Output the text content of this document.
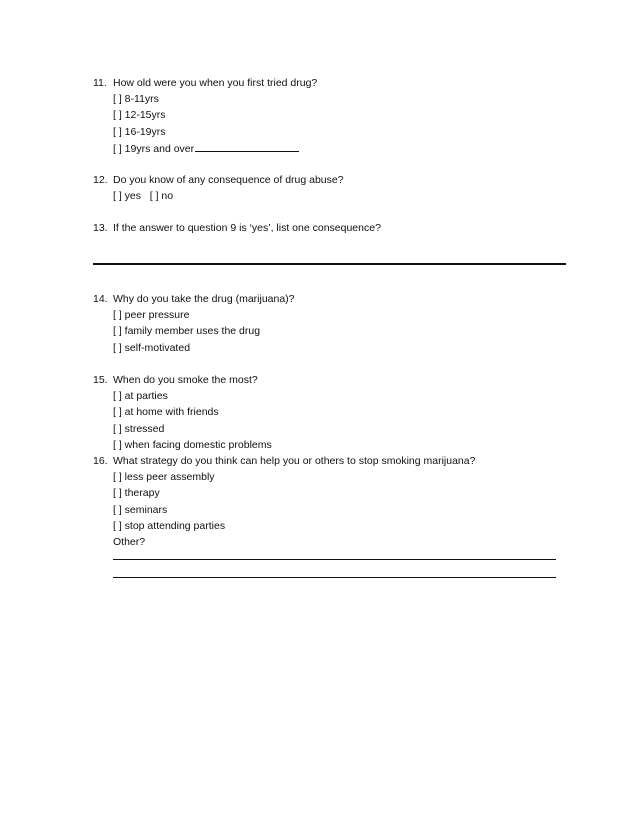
11. How old were you when you first tried drug?
[ ] 8-11yrs
[ ] 12-15yrs
[ ] 16-19yrs
[ ] 19yrs and over
12. Do you know of any consequence of drug abuse?
[ ] yes   [ ] no
13. If the answer to question 9 is ‘yes’, list one consequence?
14. Why do you take the drug (marijuana)?
[ ] peer pressure
[ ] family member uses the drug
[ ] self-motivated
15. When do you smoke the most?
[ ] at parties
[ ] at home with friends
[ ] stressed
[ ] when facing domestic problems
16. What strategy do you think can help you or others to stop smoking marijuana?
[ ] less peer assembly
[ ] therapy
[ ] seminars
[ ] stop attending parties
Other?
